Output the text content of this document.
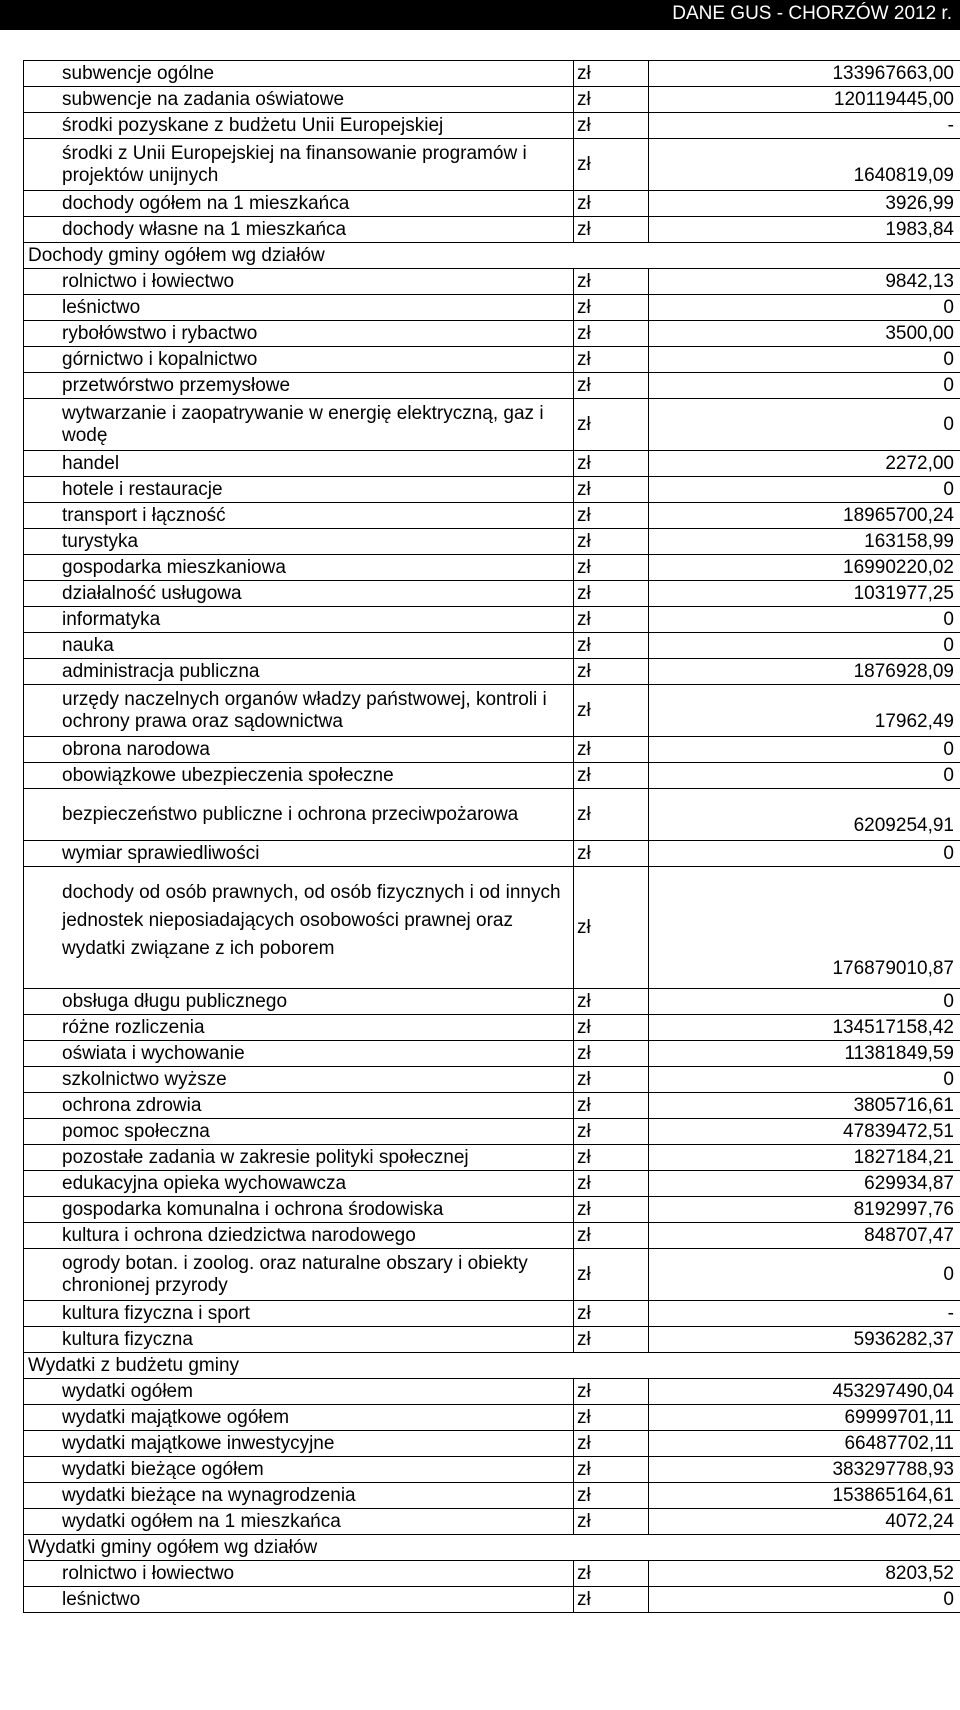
DANE GUS - CHORZÓW 2012 r.
subwencje ogólne	zł	133967663,00
subwencje na zadania oświatowe	zł	120119445,00
środki pozyskane z budżetu Unii Europejskiej	zł	-
środki z Unii Europejskiej na finansowanie programów i projektów unijnych	zł	1640819,09
dochody ogółem na 1 mieszkańca	zł	3926,99
dochody własne na 1 mieszkańca	zł	1983,84
Dochody gminy ogółem wg działów		
rolnictwo i łowiectwo	zł	9842,13
leśnictwo	zł	0
rybołówstwo i rybactwo	zł	3500,00
górnictwo i kopalnictwo	zł	0
przetwórstwo przemysłowe	zł	0
wytwarzanie i zaopatrywanie w energię elektryczną, gaz i wodę	zł	0
handel	zł	2272,00
hotele i restauracje	zł	0
transport i łączność	zł	18965700,24
turystyka	zł	163158,99
gospodarka mieszkaniowa	zł	16990220,02
działalność usługowa	zł	1031977,25
informatyka	zł	0
nauka	zł	0
administracja publiczna	zł	1876928,09
urzędy naczelnych organów władzy państwowej, kontroli i ochrony prawa oraz sądownictwa	zł	17962,49
obrona narodowa	zł	0
obowiązkowe ubezpieczenia społeczne	zł	0
bezpieczeństwo publiczne i ochrona przeciwpożarowa	zł	6209254,91
wymiar sprawiedliwości	zł	0
dochody od osób prawnych, od osób fizycznych i od innych jednostek nieposiadających osobowości prawnej oraz wydatki związane z ich poborem	zł	176879010,87
obsługa długu publicznego	zł	0
różne rozliczenia	zł	134517158,42
oświata i wychowanie	zł	11381849,59
szkolnictwo wyższe	zł	0
ochrona zdrowia	zł	3805716,61
pomoc społeczna	zł	47839472,51
pozostałe zadania w zakresie polityki społecznej	zł	1827184,21
edukacyjna opieka wychowawcza	zł	629934,87
gospodarka komunalna i ochrona środowiska	zł	8192997,76
kultura i ochrona dziedzictwa narodowego	zł	848707,47
ogrody botan. i zoolog. oraz naturalne obszary i obiekty chronionej przyrody	zł	0
kultura fizyczna i sport	zł	-
kultura fizyczna	zł	5936282,37
Wydatki z budżetu gminy		
wydatki ogółem	zł	453297490,04
wydatki majątkowe ogółem	zł	69999701,11
wydatki majątkowe inwestycyjne	zł	66487702,11
wydatki bieżące ogółem	zł	383297788,93
wydatki bieżące na wynagrodzenia	zł	153865164,61
wydatki ogółem na 1 mieszkańca	zł	4072,24
Wydatki gminy ogółem wg działów		
rolnictwo i łowiectwo	zł	8203,52
leśnictwo	zł	0
